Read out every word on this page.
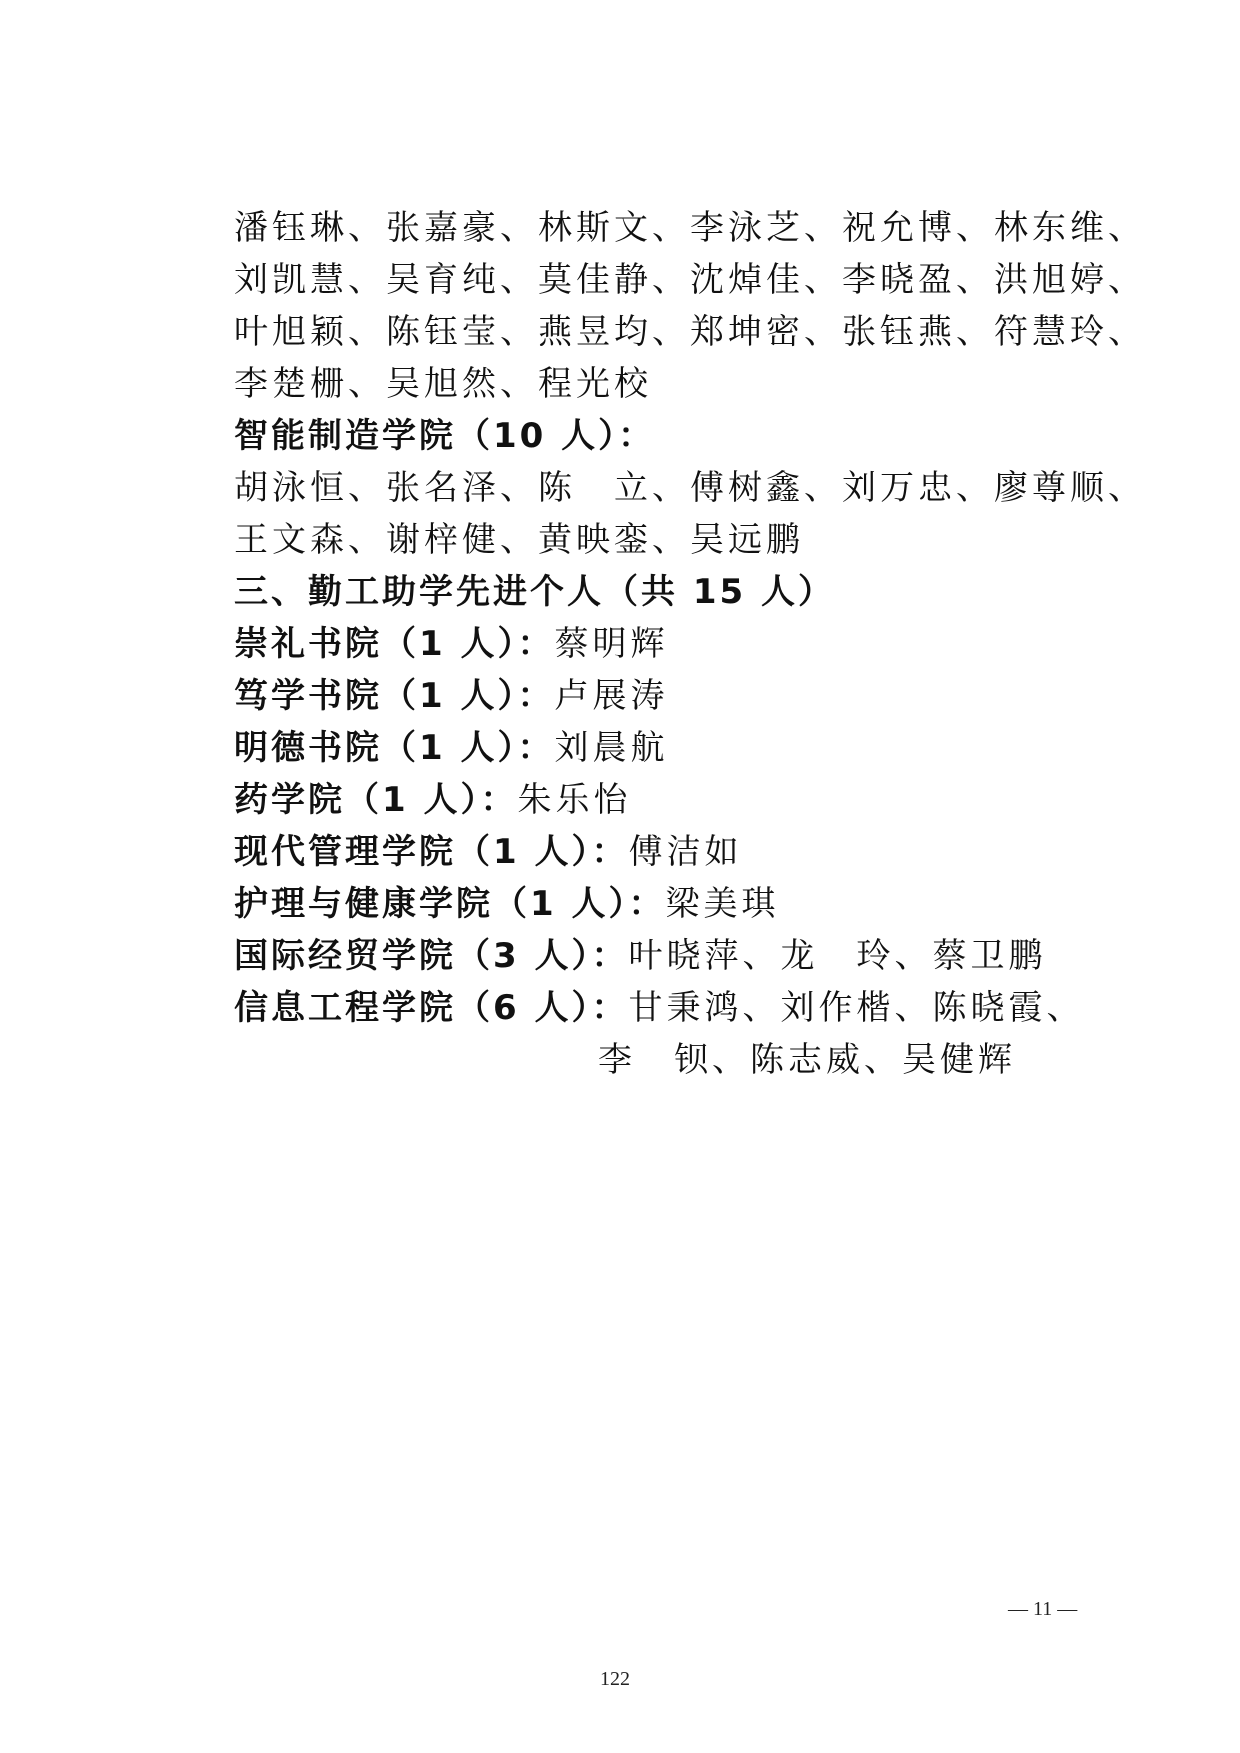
潘钰琳、张嘉豪、林斯文、李泳芝、祝允博、林东维、
刘凯慧、吴育纯、莫佳静、沈焯佳、李晓盈、洪旭婷、
叶旭颖、陈钰莹、燕昱均、郑坤密、张钰燕、符慧玲、
李楚栅、吴旭然、程光校
智能制造学院（10 人）：
胡泳恒、张名泽、陈　立、傅树鑫、刘万忠、廖尊顺、
王文森、谢梓健、黄映銮、吴远鹏
三、勤工助学先进个人（共 15 人）
崇礼书院（1 人）：蔡明辉
笃学书院（1 人）：卢展涛
明德书院（1 人）：刘晨航
药学院（1 人）：朱乐怡
现代管理学院（1 人）：傅洁如
护理与健康学院（1 人）：梁美琪
国际经贸学院（3 人）：叶晓萍、龙　玲、蔡卫鹏
信息工程学院（6 人）：甘秉鸿、刘作楷、陈晓霞、
李　钡、陈志威、吴健辉
— 11 —
122
